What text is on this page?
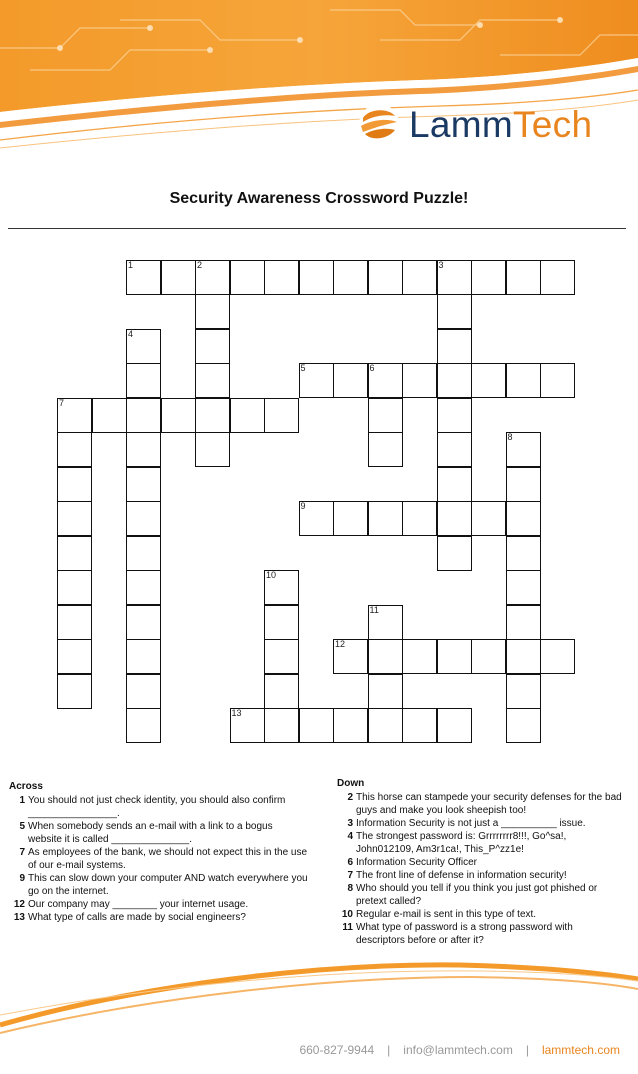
LammTech
Security Awareness Crossword Puzzle!
1	2	3
4
5	6
7
8
9
10
11
12
13
Across
1 You should not just check identity, you should also confirm ________________.
5 When somebody sends an e-mail with a link to a bogus website it is called ______________.
7 As employees of the bank, we should not expect this in the use of our e-mail systems.
9 This can slow down your computer AND watch everywhere you go on the internet.
12 Our company may ________ your internet usage.
13 What type of calls are made by social engineers?
Down
2 This horse can stampede your security defenses for the bad guys and make you look sheepish too!
3 Information Security is not just a __________ issue.
4 The strongest password is: Grrrrrrrr8!!!, Go^sa!, John012109, Am3r1ca!, This_P^zz1e!
6 Information Security Officer
7 The front line of defense in information security!
8 Who should you tell if you think you just got phished or pretext called?
10 Regular e-mail is sent in this type of text.
11 What type of password is a strong password with descriptors before or after it?
660-827-9944 | info@lammtech.com | lammtech.com
